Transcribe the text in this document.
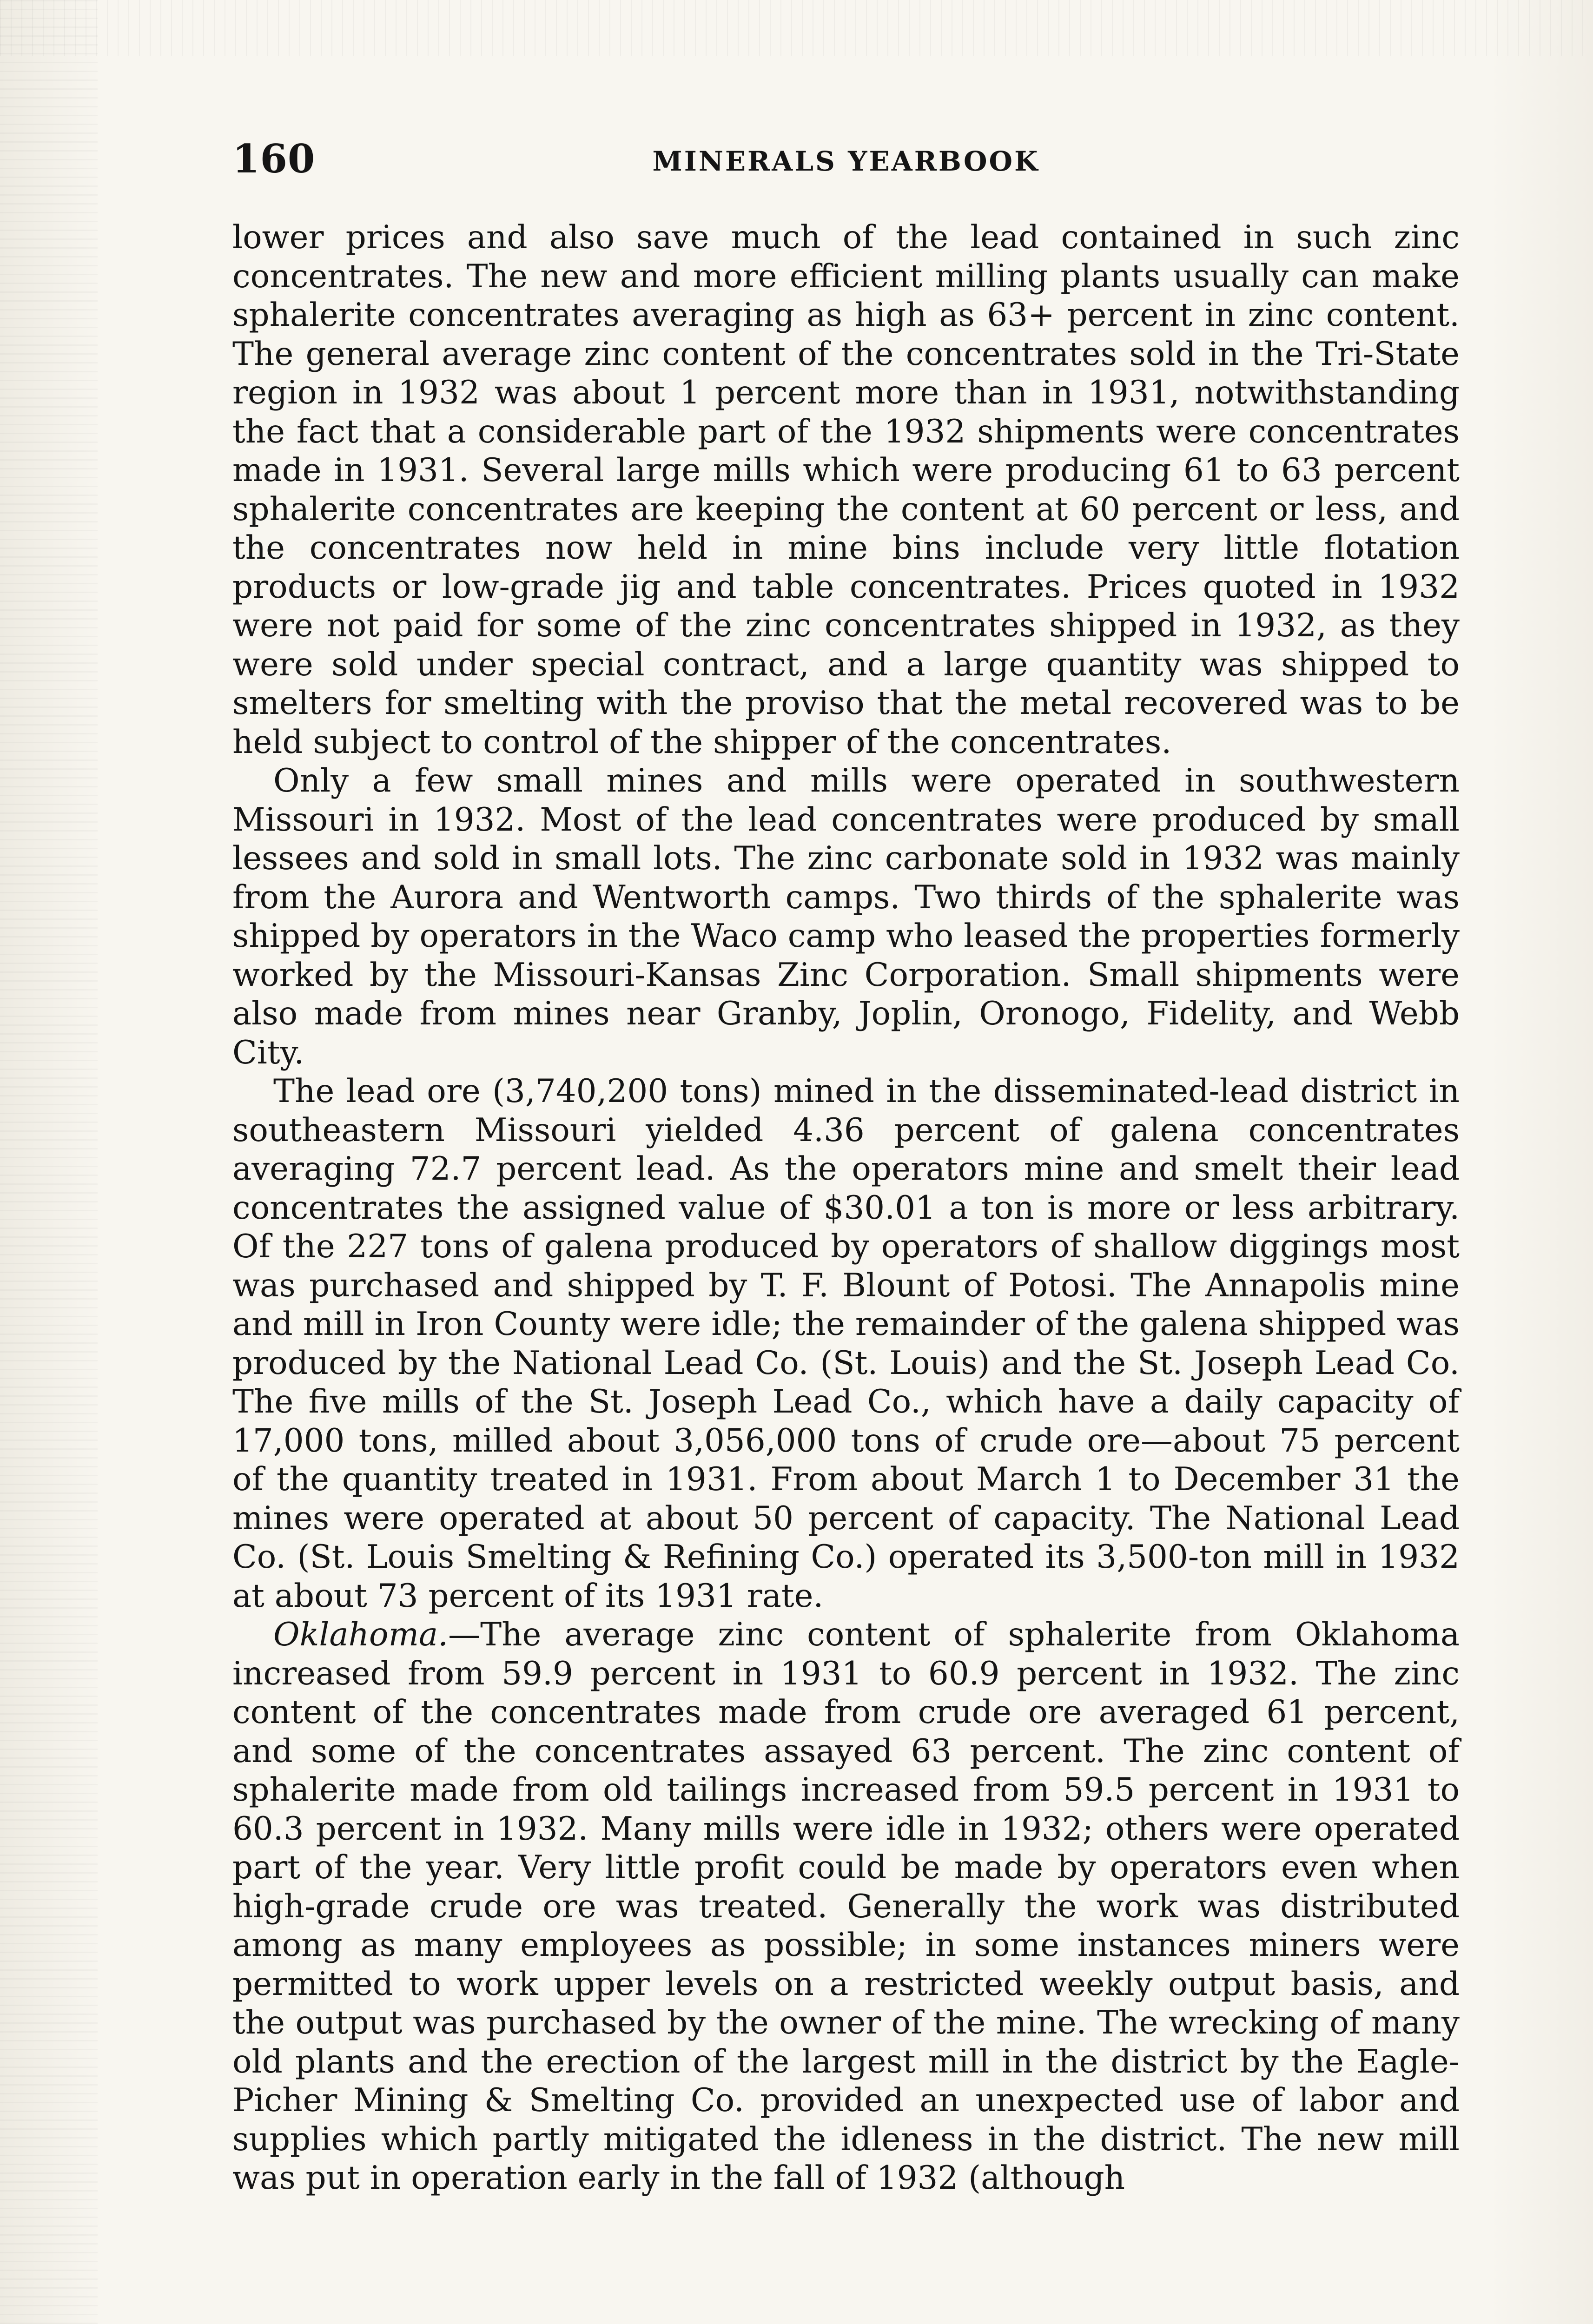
160	MINERALS YEARBOOK

lower prices and also save much of the lead contained in such zinc concentrates. The new and more efficient milling plants usually can make sphalerite concentrates averaging as high as 63+ percent in zinc content. The general average zinc content of the concentrates sold in the Tri-State region in 1932 was about 1 percent more than in 1931, notwithstanding the fact that a considerable part of the 1932 shipments were concentrates made in 1931. Several large mills which were producing 61 to 63 percent sphalerite concentrates are keeping the content at 60 percent or less, and the concentrates now held in mine bins include very little flotation products or low-grade jig and table concentrates. Prices quoted in 1932 were not paid for some of the zinc concentrates shipped in 1932, as they were sold under special contract, and a large quantity was shipped to smelters for smelting with the proviso that the metal recovered was to be held subject to control of the shipper of the concentrates.

Only a few small mines and mills were operated in southwestern Missouri in 1932. Most of the lead concentrates were produced by small lessees and sold in small lots. The zinc carbonate sold in 1932 was mainly from the Aurora and Wentworth camps. Two thirds of the sphalerite was shipped by operators in the Waco camp who leased the properties formerly worked by the Missouri-Kansas Zinc Corporation. Small shipments were also made from mines near Granby, Joplin, Oronogo, Fidelity, and Webb City.

The lead ore (3,740,200 tons) mined in the disseminated-lead district in southeastern Missouri yielded 4.36 percent of galena concentrates averaging 72.7 percent lead. As the operators mine and smelt their lead concentrates the assigned value of $30.01 a ton is more or less arbitrary. Of the 227 tons of galena produced by operators of shallow diggings most was purchased and shipped by T. F. Blount of Potosi. The Annapolis mine and mill in Iron County were idle; the remainder of the galena shipped was produced by the National Lead Co. (St. Louis) and the St. Joseph Lead Co. The five mills of the St. Joseph Lead Co., which have a daily capacity of 17,000 tons, milled about 3,056,000 tons of crude ore—about 75 percent of the quantity treated in 1931. From about March 1 to December 31 the mines were operated at about 50 percent of capacity. The National Lead Co. (St. Louis Smelting & Refining Co.) operated its 3,500-ton mill in 1932 at about 73 percent of its 1931 rate.

Oklahoma.—The average zinc content of sphalerite from Oklahoma increased from 59.9 percent in 1931 to 60.9 percent in 1932. The zinc content of the concentrates made from crude ore averaged 61 percent, and some of the concentrates assayed 63 percent. The zinc content of sphalerite made from old tailings increased from 59.5 percent in 1931 to 60.3 percent in 1932. Many mills were idle in 1932; others were operated part of the year. Very little profit could be made by operators even when high-grade crude ore was treated. Generally the work was distributed among as many employees as possible; in some instances miners were permitted to work upper levels on a restricted weekly output basis, and the output was purchased by the owner of the mine. The wrecking of many old plants and the erection of the largest mill in the district by the Eagle-Picher Mining & Smelting Co. provided an unexpected use of labor and supplies which partly mitigated the idleness in the district. The new mill was put in operation early in the fall of 1932 (although
